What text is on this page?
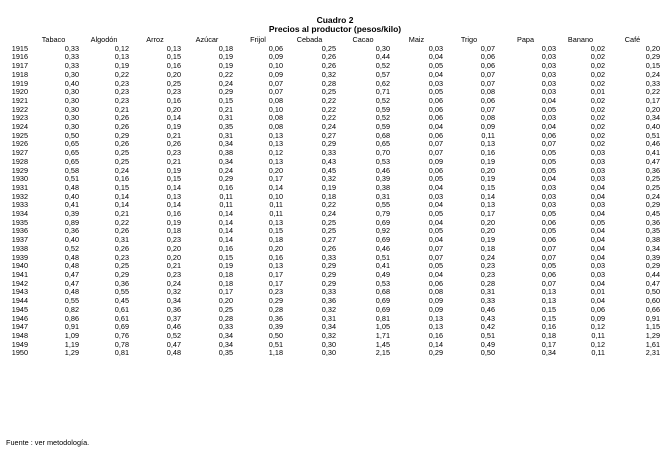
Cuadro 2
Precios al productor (pesos/kilo)
	Tabaco	Algodón	Arroz	Azúcar	Frijol	Cebada	Cacao	Maiz	Trigo	Papa	Banano	Café
1915	0,33	0,12	0,13	0,18	0,06	0,25	0,30	0,03	0,07	0,03	0,02	0,20
1916	0,33	0,13	0,15	0,19	0,09	0,26	0,44	0,04	0,06	0,03	0,02	0,29
1917	0,33	0,19	0,16	0,19	0,10	0,26	0,52	0,05	0,06	0,03	0,02	0,15
1918	0,30	0,22	0,20	0,22	0,09	0,32	0,57	0,04	0,07	0,03	0,02	0,24
1919	0,40	0,23	0,25	0,24	0,07	0,28	0,62	0,03	0,07	0,03	0,02	0,33
1920	0,30	0,23	0,23	0,29	0,07	0,25	0,71	0,05	0,08	0,03	0,01	0,22
1921	0,30	0,23	0,16	0,15	0,08	0,22	0,52	0,06	0,06	0,04	0,02	0,17
1922	0,30	0,21	0,20	0,21	0,10	0,22	0,59	0,06	0,07	0,05	0,02	0,20
1923	0,30	0,26	0,14	0,31	0,08	0,22	0,52	0,06	0,08	0,03	0,02	0,34
1924	0,30	0,26	0,19	0,35	0,08	0,24	0,59	0,04	0,09	0,04	0,02	0,40
1925	0,50	0,29	0,21	0,31	0,13	0,27	0,68	0,06	0,11	0,06	0,02	0,51
1926	0,65	0,26	0,26	0,34	0,13	0,29	0,65	0,07	0,13	0,07	0,02	0,46
1927	0,65	0,25	0,23	0,38	0,12	0,33	0,70	0,07	0,16	0,05	0,03	0,41
1928	0,65	0,25	0,21	0,34	0,13	0,43	0,53	0,09	0,19	0,05	0,03	0,47
1929	0,58	0,24	0,19	0,24	0,20	0,45	0,46	0,06	0,20	0,05	0,03	0,36
1930	0,51	0,16	0,15	0,29	0,17	0,32	0,39	0,05	0,19	0,04	0,03	0,25
1931	0,48	0,15	0,14	0,16	0,14	0,19	0,38	0,04	0,15	0,03	0,04	0,25
1932	0,40	0,14	0,13	0,11	0,10	0,18	0,31	0,03	0,14	0,03	0,04	0,24
1933	0,41	0,14	0,14	0,11	0,11	0,22	0,55	0,04	0,13	0,03	0,03	0,29
1934	0,39	0,21	0,16	0,14	0,11	0,24	0,79	0,05	0,17	0,05	0,04	0,45
1935	0,89	0,22	0,19	0,14	0,13	0,25	0,69	0,04	0,20	0,06	0,05	0,36
1936	0,36	0,26	0,18	0,14	0,15	0,25	0,92	0,05	0,20	0,05	0,04	0,35
1937	0,40	0,31	0,23	0,14	0,18	0,27	0,69	0,04	0,19	0,06	0,04	0,38
1938	0,52	0,26	0,20	0,16	0,20	0,26	0,46	0,07	0,18	0,07	0,04	0,34
1939	0,48	0,23	0,20	0,15	0,16	0,33	0,51	0,07	0,24	0,07	0,04	0,39
1940	0,48	0,25	0,21	0,19	0,13	0,29	0,41	0,05	0,23	0,05	0,03	0,29
1941	0,47	0,29	0,23	0,18	0,17	0,29	0,49	0,04	0,23	0,06	0,03	0,44
1942	0,47	0,36	0,24	0,18	0,17	0,29	0,53	0,06	0,28	0,07	0,04	0,47
1943	0,48	0,55	0,32	0,17	0,23	0,33	0,68	0,08	0,31	0,13	0,01	0,50
1944	0,55	0,45	0,34	0,20	0,29	0,36	0,69	0,09	0,33	0,13	0,04	0,60
1945	0,82	0,61	0,36	0,25	0,28	0,32	0,69	0,09	0,46	0,15	0,06	0,66
1946	0,86	0,61	0,37	0,28	0,36	0,31	0,81	0,13	0,43	0,15	0,09	0,91
1947	0,91	0,69	0,46	0,33	0,39	0,34	1,05	0,13	0,42	0,16	0,12	1,15
1948	1,09	0,76	0,52	0,34	0,50	0,32	1,71	0,16	0,51	0,18	0,11	1,29
1949	1,19	0,78	0,47	0,34	0,51	0,30	1,45	0,14	0,49	0,17	0,12	1,61
1950	1,29	0,81	0,48	0,35	1,18	0,30	2,15	0,29	0,50	0,34	0,11	2,31
Fuente : ver metodología.
